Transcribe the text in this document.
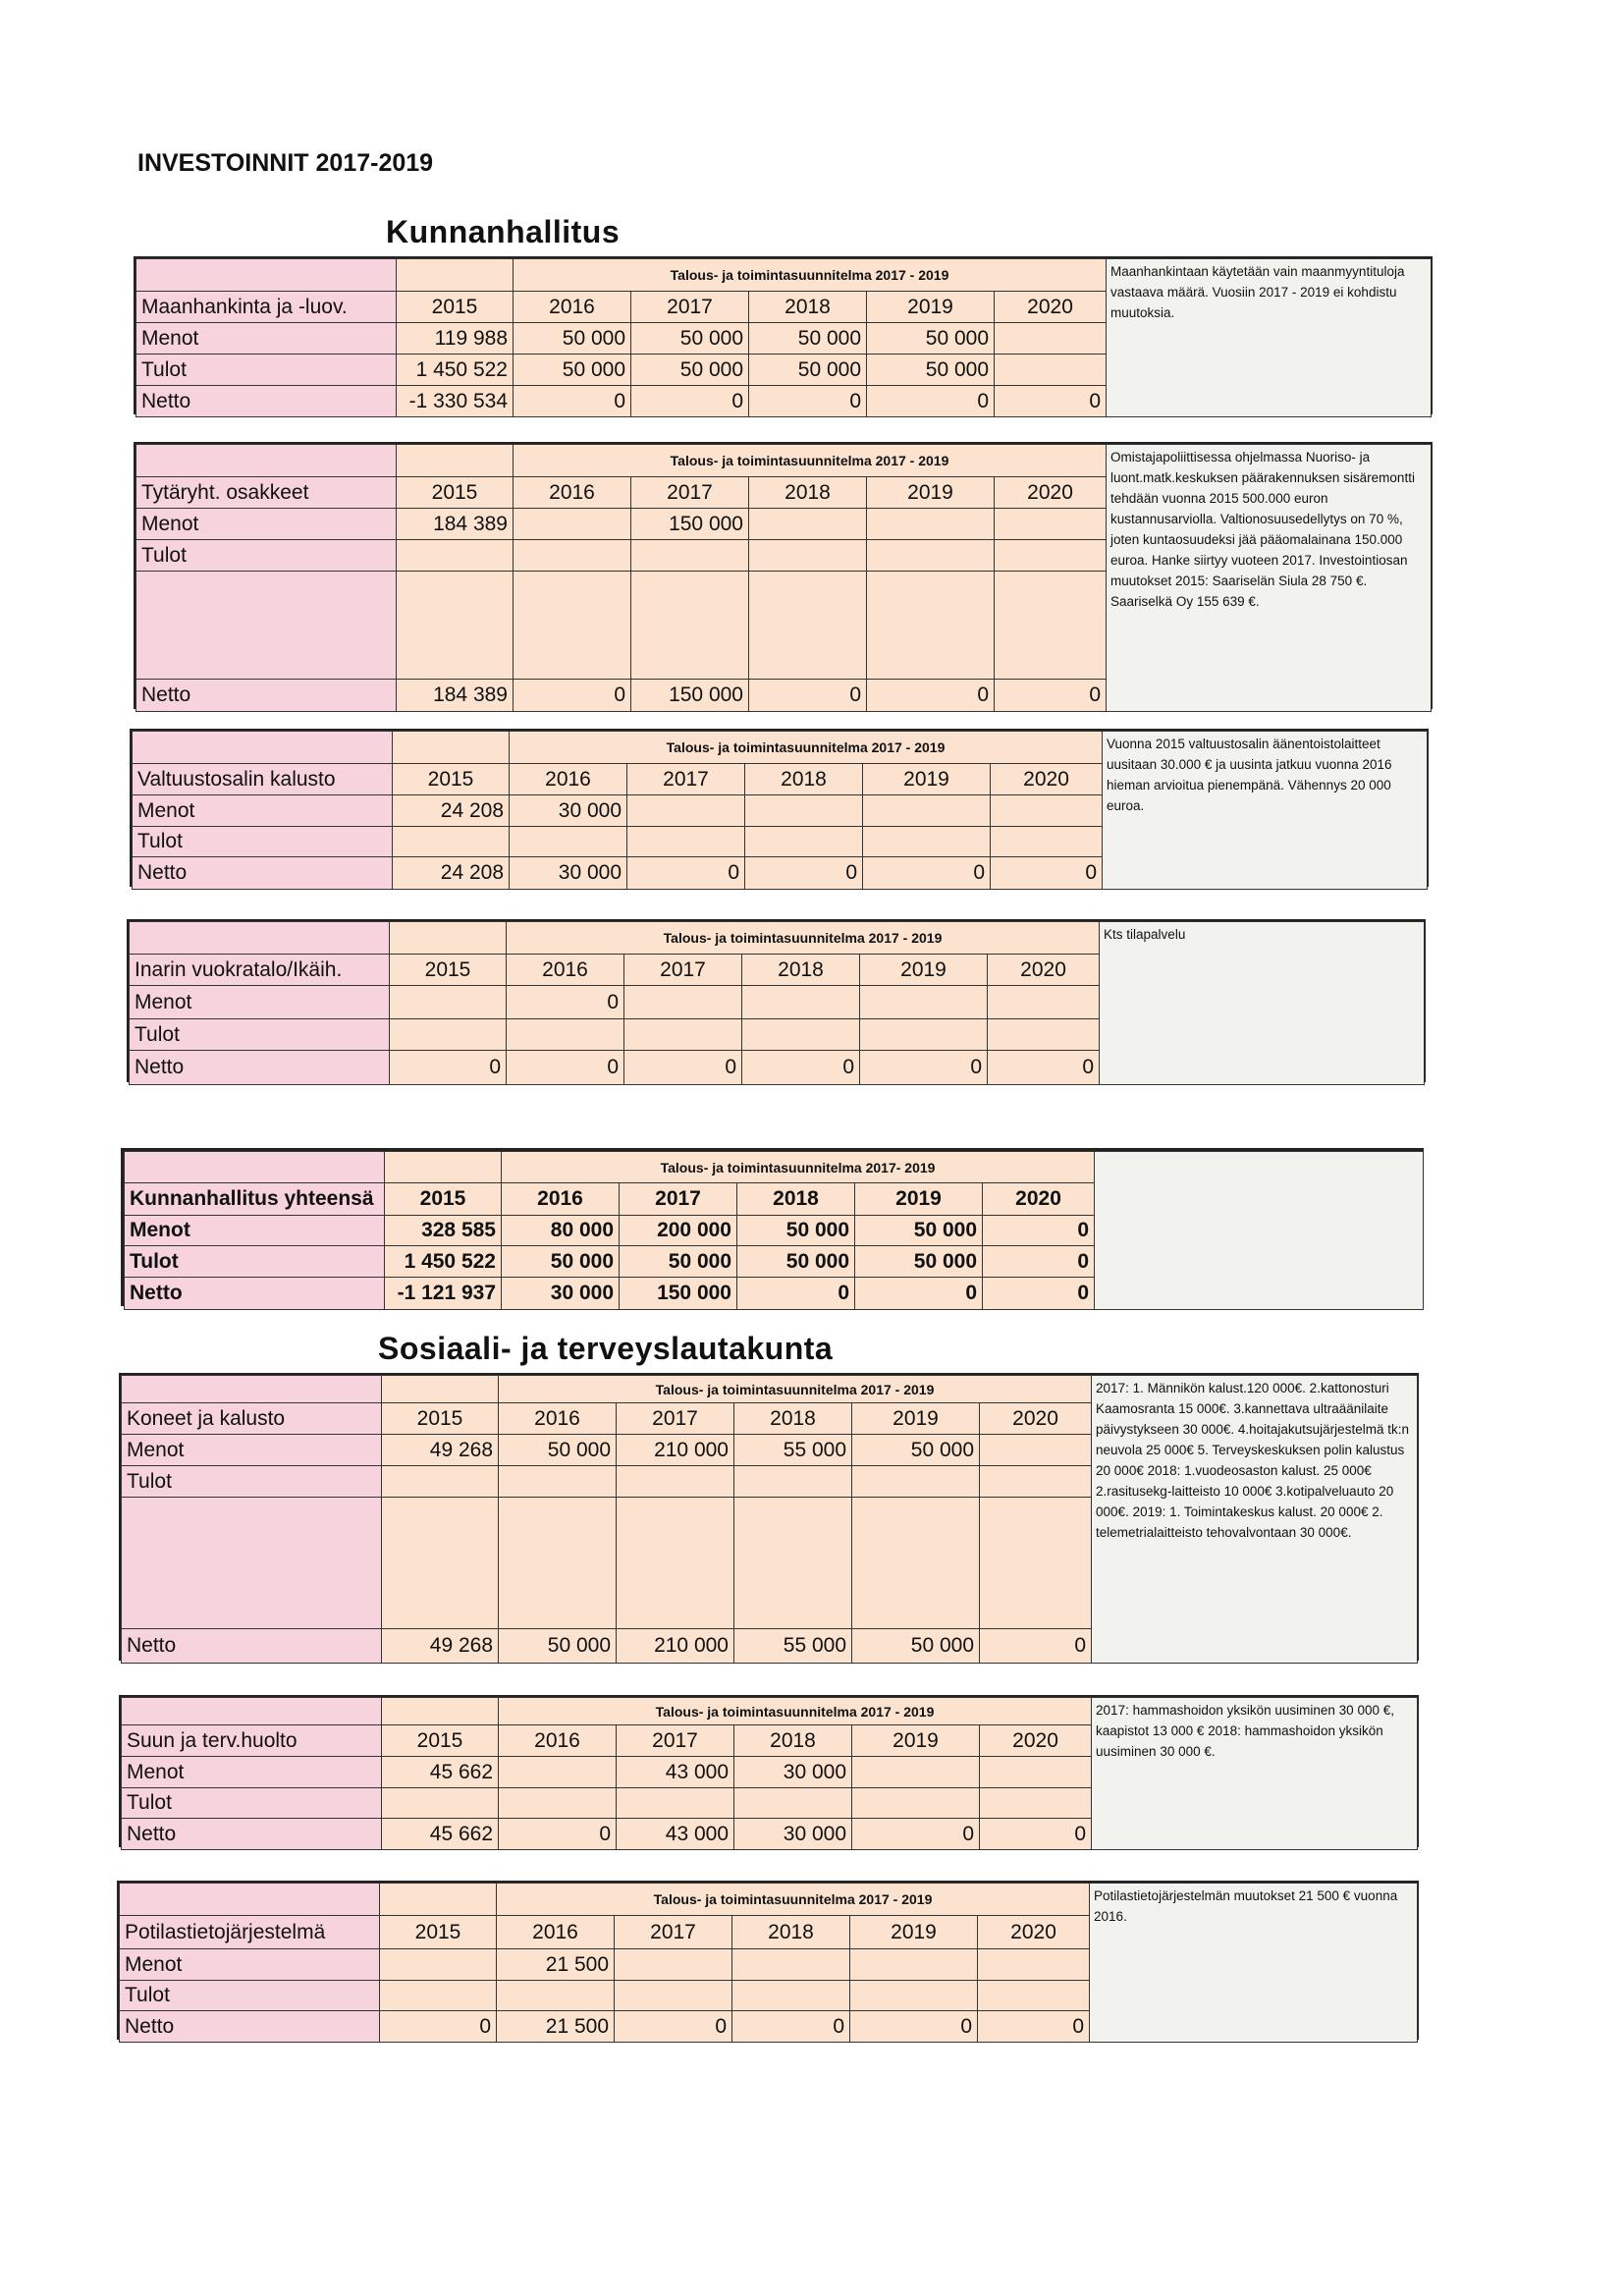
INVESTOINNIT 2017-2019
Kunnanhallitus
Sosiaali- ja terveyslautakunta
		Talous- ja toimintasuunnitelma 2017 - 2019					Maanhankintaan käytetään vain maanmyyntituloja vastaava määrä. Vuosiin 2017 - 2019 ei kohdistu muutoksia.
Maanhankinta ja -luov.	2015	2016	2017	2018	2019	2020	
Menot	119 988	50 000	50 000	50 000	50 000		
Tulot	1 450 522	50 000	50 000	50 000	50 000		
Netto	-1 330 534	0	0	0	0	0	
		Talous- ja toimintasuunnitelma 2017 - 2019					Omistajapoliittisessa ohjelmassa Nuoriso- ja luont.matk.keskuksen päärakennuksen sisäremontti tehdään vuonna 2015 500.000 euron kustannusarviolla. Valtionosuusedellytys on 70 %, joten kuntaosuudeksi jää pääomalainana 150.000 euroa. Hanke siirtyy vuoteen 2017. Investointiosan muutokset 2015: Saariselän Siula 28 750 €. Saariselkä Oy 155 639 €.
Tytäryht. osakkeet	2015	2016	2017	2018	2019	2020	
Menot	184 389		150 000				
Tulot							

Netto	184 389	0	150 000	0	0	0	
		Talous- ja toimintasuunnitelma 2017 - 2019					Vuonna 2015 valtuustosalin äänentoistolaitteet uusitaan 30.000 € ja uusinta jatkuu vuonna 2016 hieman arvioitua pienempänä. Vähennys 20 000 euroa.
Valtuustosalin kalusto	2015	2016	2017	2018	2019	2020	
Menot	24 208	30 000					
Tulot							
Netto	24 208	30 000	0	0	0	0	
		Talous- ja toimintasuunnitelma 2017 - 2019					Kts tilapalvelu
Inarin vuokratalo/Ikäih.	2015	2016	2017	2018	2019	2020	
Menot		0					
Tulot							
Netto	0	0	0	0	0	0	
		Talous- ja toimintasuunnitelma 2017- 2019					
Kunnanhallitus yhteensä	2015	2016	2017	2018	2019	2020	
Menot	328 585	80 000	200 000	50 000	50 000	0	
Tulot	1 450 522	50 000	50 000	50 000	50 000	0	
Netto	-1 121 937	30 000	150 000	0	0	0	
		Talous- ja toimintasuunnitelma 2017 - 2019					2017: 1. Männikön kalust.120 000€. 2.kattonosturi Kaamosranta 15 000€. 3.kannettava ultraäänilaite päivystykseen 30 000€. 4.hoitajakutsujärjestelmä tk:n neuvola 25 000€ 5. Terveyskeskuksen polin kalustus 20 000€ 2018: 1.vuodeosaston kalust. 25 000€ 2.rasitusekg-laitteisto 10 000€ 3.kotipalveluauto 20 000€. 2019: 1. Toimintakeskus kalust. 20 000€ 2. telemetrialaitteisto tehovalvontaan 30 000€.
Koneet ja kalusto	2015	2016	2017	2018	2019	2020	
Menot	49 268	50 000	210 000	55 000	50 000		
Tulot							

Netto	49 268	50 000	210 000	55 000	50 000	0	
		Talous- ja toimintasuunnitelma 2017 - 2019					2017: hammashoidon yksikön uusiminen 30 000 €, kaapistot 13 000 € 2018: hammashoidon yksikön uusiminen 30 000 €.
Suun ja terv.huolto	2015	2016	2017	2018	2019	2020	
Menot	45 662		43 000	30 000			
Tulot							
Netto	45 662	0	43 000	30 000	0	0	
		Talous- ja toimintasuunnitelma 2017 - 2019					Potilastietojärjestelmän muutokset 21 500 € vuonna 2016.
Potilastietojärjestelmä	2015	2016	2017	2018	2019	2020	
Menot		21 500					
Tulot							
Netto	0	21 500	0	0	0	0	
